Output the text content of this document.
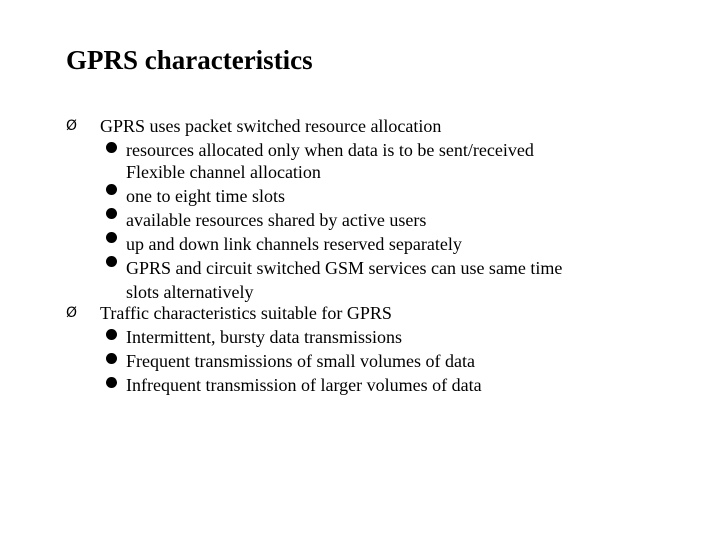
GPRS characteristics
Ø GPRS uses packet switched resource allocation
resources allocated only when data is to be sent/received
Flexible channel allocation
one to eight time slots
available resources shared by active users
up and down link channels reserved separately
GPRS and circuit switched GSM services can use same time
slots alternatively
Ø Traffic characteristics suitable for GPRS
Intermittent, bursty data transmissions
Frequent transmissions of small volumes of data
Infrequent transmission of larger volumes of data
